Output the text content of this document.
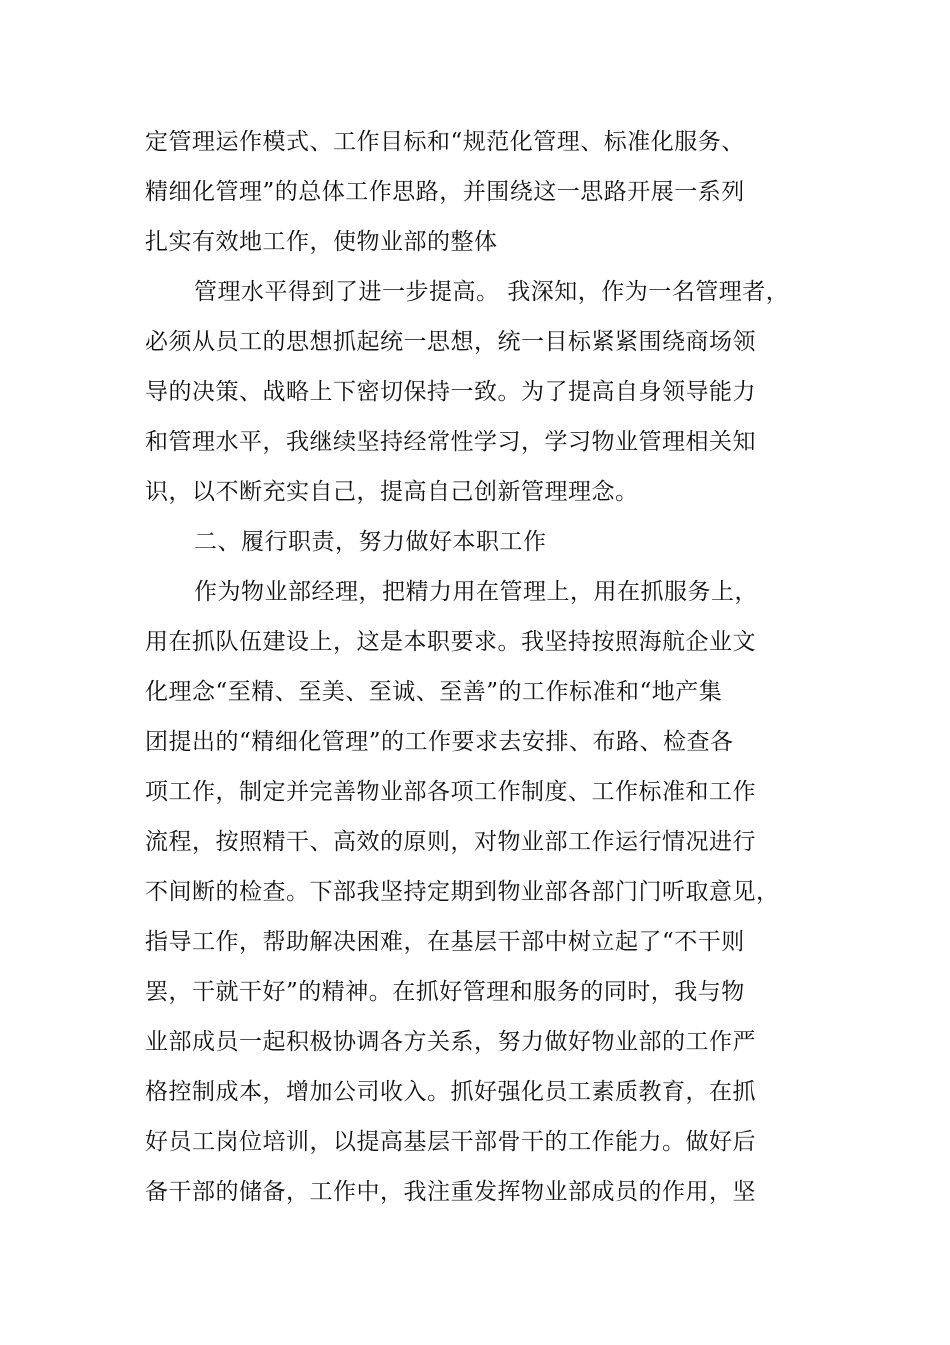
定管理运作模式、工作目标和“规范化管理、标准化服务、
精细化管理”的总体工作思路，并围绕这一思路开展一系列
扎实有效地工作，使物业部的整体
管理水平得到了进一步提高。 我深知，作为一名管理者，
必须从员工的思想抓起统一思想，统一目标紧紧围绕商场领
导的决策、战略上下密切保持一致。为了提高自身领导能力
和管理水平，我继续坚持经常性学习，学习物业管理相关知
识，以不断充实自己，提高自己创新管理理念。
二、履行职责，努力做好本职工作
作为物业部经理，把精力用在管理上，用在抓服务上，
用在抓队伍建设上，这是本职要求。我坚持按照海航企业文
化理念“至精、至美、至诚、至善”的工作标准和“地产集
团提出的“精细化管理”的工作要求去安排、布路、检查各
项工作，制定并完善物业部各项工作制度、工作标准和工作
流程，按照精干、高效的原则，对物业部工作运行情况进行
不间断的检查。下部我坚持定期到物业部各部门门听取意见，
指导工作，帮助解决困难，在基层干部中树立起了“不干则
罢，干就干好”的精神。在抓好管理和服务的同时，我与物
业部成员一起积极协调各方关系，努力做好物业部的工作严
格控制成本，增加公司收入。抓好强化员工素质教育，在抓
好员工岗位培训，以提高基层干部骨干的工作能力。做好后
备干部的储备，工作中，我注重发挥物业部成员的作用，坚
